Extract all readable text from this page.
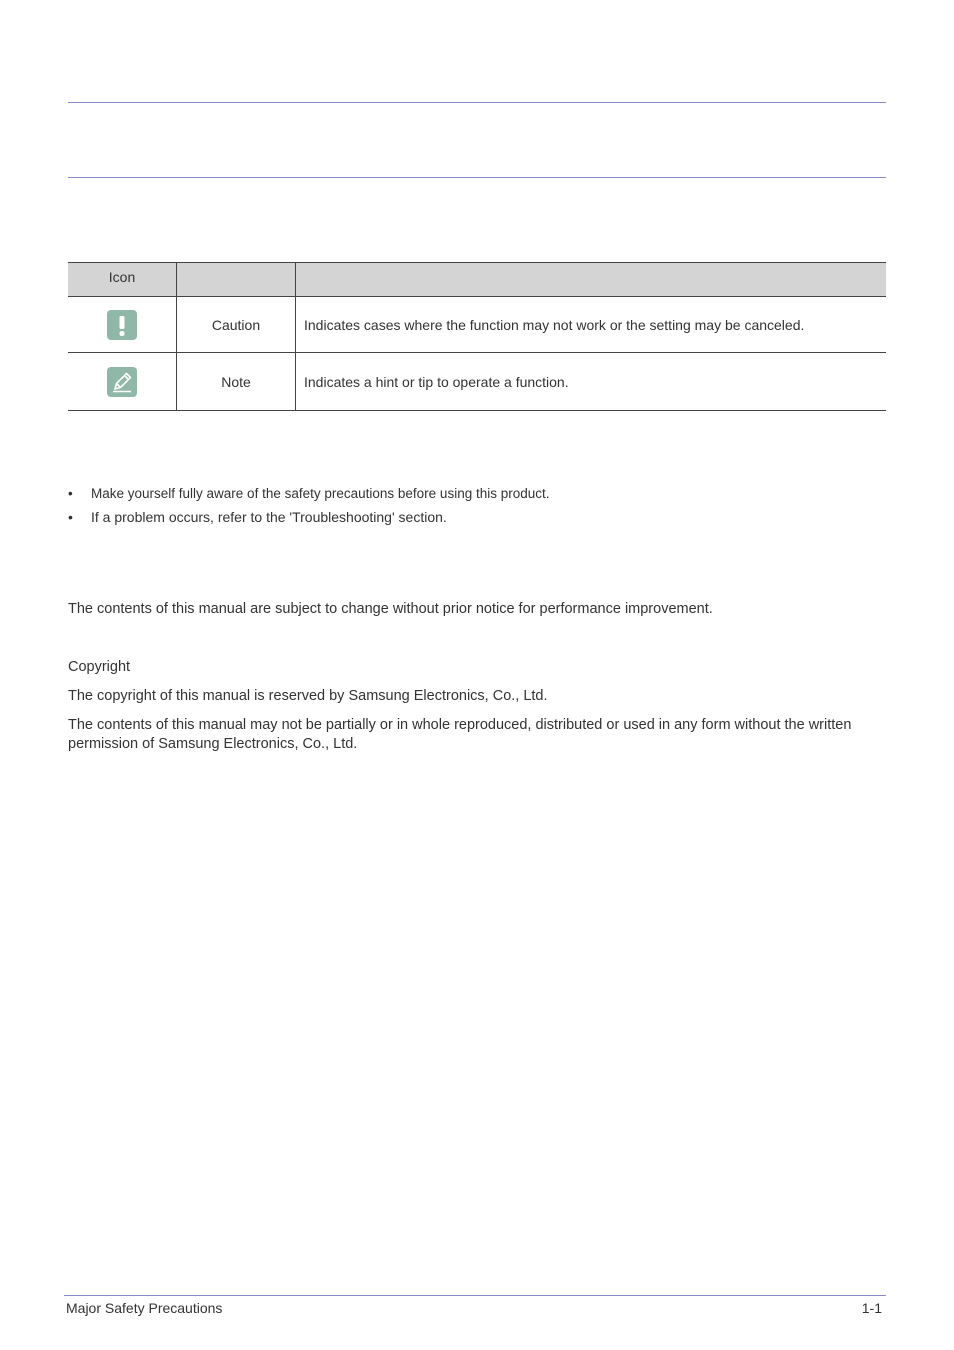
Icon		

	Caution	Indicates cases where the function may not work or the setting may be canceled.

	Note	Indicates a hint or tip to operate a function.
• Make yourself fully aware of the safety precautions before using this product.
• If a problem occurs, refer to the 'Troubleshooting' section.

The contents of this manual are subject to change without prior notice for performance improvement.

Copyright

The copyright of this manual is reserved by Samsung Electronics, Co., Ltd.

The contents of this manual may not be partially or in whole reproduced, distributed or used in any form without the written permission of Samsung Electronics, Co., Ltd.

Major Safety Precautions	1-1
